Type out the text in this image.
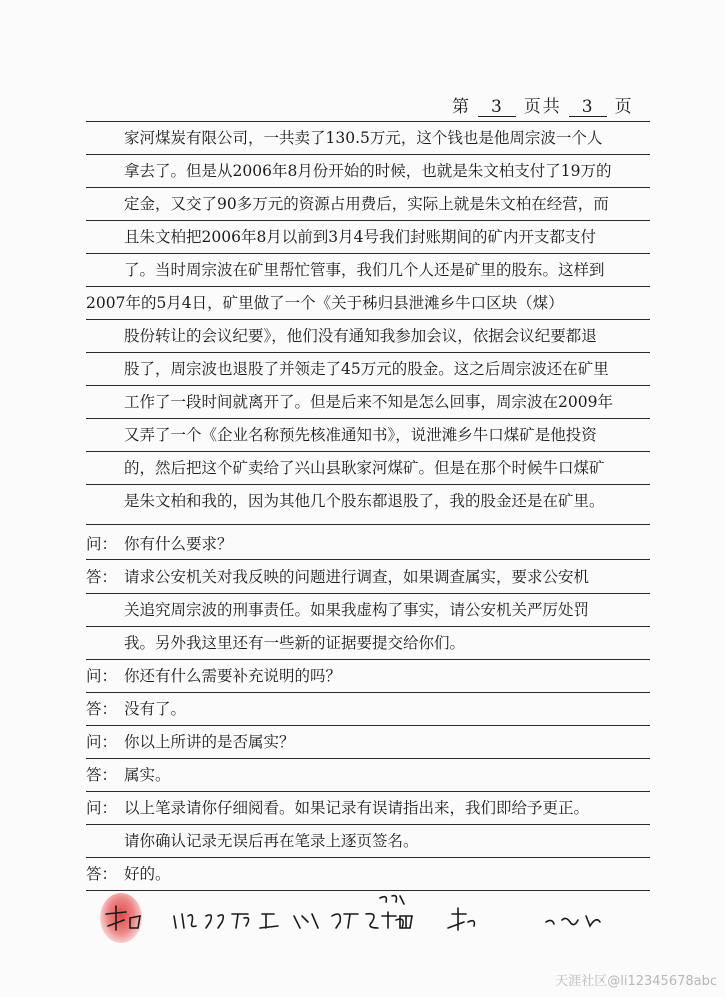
第 3 页共 3 页
家河煤炭有限公司，一共卖了130.5万元，这个钱也是他周宗波一个人
拿去了。但是从2006年8月份开始的时候，也就是朱文柏支付了19万的
定金，又交了90多万元的资源占用费后，实际上就是朱文柏在经营，而
且朱文柏把2006年8月以前到3月4号我们封账期间的矿内开支都支付
了。当时周宗波在矿里帮忙管事，我们几个人还是矿里的股东。这样到
2007年的5月4日，矿里做了一个《关于秭归县泄滩乡牛口区块（煤）
股份转让的会议纪要》，他们没有通知我参加会议，依据会议纪要都退
股了，周宗波也退股了并领走了45万元的股金。这之后周宗波还在矿里
工作了一段时间就离开了。但是后来不知是怎么回事，周宗波在2009年
又弄了一个《企业名称预先核准通知书》，说泄滩乡牛口煤矿是他投资
的，然后把这个矿卖给了兴山县耿家河煤矿。但是在那个时候牛口煤矿
是朱文柏和我的，因为其他几个股东都退股了，我的股金还是在矿里。
问： 你有什么要求？
答： 请求公安机关对我反映的问题进行调查，如果调查属实，要求公安机
关追究周宗波的刑事责任。如果我虚构了事实，请公安机关严厉处罚
我。另外我这里还有一些新的证据要提交给你们。
问： 你还有什么需要补充说明的吗？
答： 没有了。
问： 你以上所讲的是否属实？
答： 属实。
问： 以上笔录请你仔细阅看。如果记录有误请指出来，我们即给予更正。
请你确认记录无误后再在笔录上逐页签名。
答： 好的。
天涯社区@li12345678abc
